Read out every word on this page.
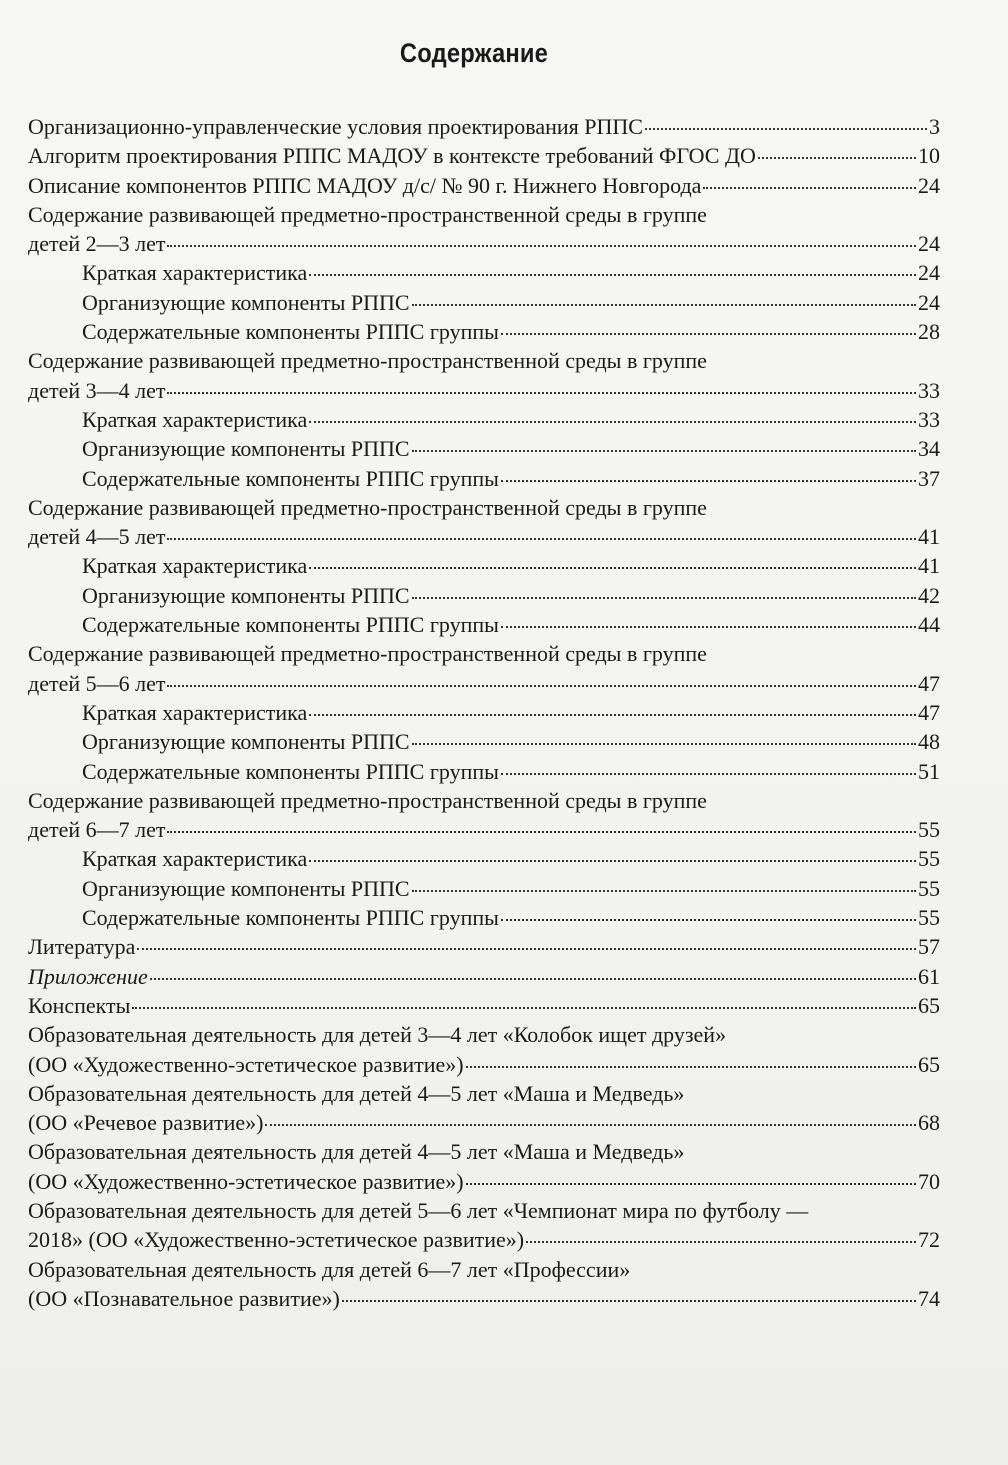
Содержание
Организационно-управленческие условия проектирования РППС	3
Алгоритм проектирования РППС МАДОУ в контексте требований ФГОС ДО	10
Описание компонентов РППС МАДОУ д/с/ № 90 г. Нижнего Новгорода	24
Содержание развивающей предметно-пространственной среды в группе
детей 2—3 лет	24
Краткая характеристика	24
Организующие компоненты РППС	24
Содержательные компоненты РППС группы	28
Содержание развивающей предметно-пространственной среды в группе
детей 3—4 лет	33
Краткая характеристика	33
Организующие компоненты РППС	34
Содержательные компоненты РППС группы	37
Содержание развивающей предметно-пространственной среды в группе
детей 4—5 лет	41
Краткая характеристика	41
Организующие компоненты РППС	42
Содержательные компоненты РППС группы	44
Содержание развивающей предметно-пространственной среды в группе
детей 5—6 лет	47
Краткая характеристика	47
Организующие компоненты РППС	48
Содержательные компоненты РППС группы	51
Содержание развивающей предметно-пространственной среды в группе
детей 6—7 лет	55
Краткая характеристика	55
Организующие компоненты РППС	55
Содержательные компоненты РППС группы	55
Литература	57
Приложение	61
Конспекты	65
Образовательная деятельность для детей 3—4 лет «Колобок ищет друзей»
(ОО «Художественно-эстетическое развитие»)	65
Образовательная деятельность для детей 4—5 лет «Маша и Медведь»
(ОО «Речевое развитие»)	68
Образовательная деятельность для детей 4—5 лет «Маша и Медведь»
(ОО «Художественно-эстетическое развитие»)	70
Образовательная деятельность для детей 5—6 лет «Чемпионат мира по футболу —
2018» (ОО «Художественно-эстетическое развитие»)	72
Образовательная деятельность для детей 6—7 лет «Профессии»
(ОО «Познавательное развитие»)	74
